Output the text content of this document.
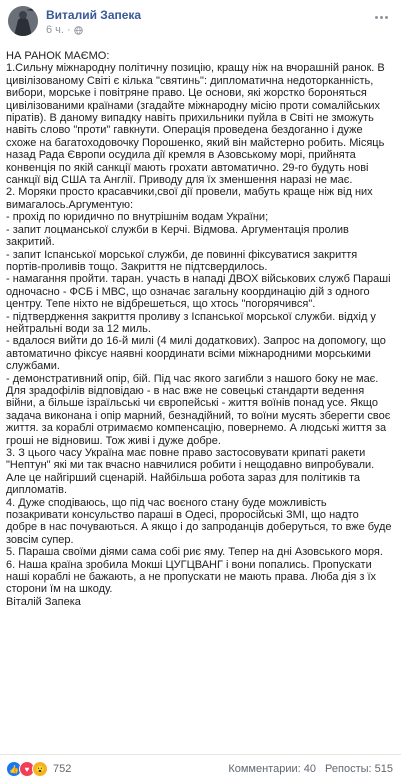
Виталий Запека
6 ч. ·

НА РАНОК МАЄМО:

1.Сильну міжнародну політичну позицію, кращу ніж на вчорашній ранок. В цивілізованому Світі є кілька "святинь": дипломатична недоторканність, вибори, морське і повітряне право. Це основи, які жорстко бороняться цивілізованими країнами (згадайте міжнародну місію проти сомалійських піратів). В даному випадку навіть прихильники пуйла в Світі не зможуть навіть слово "проти" гавкнути. Операція проведена бездоганно і дуже схоже на багатоходовочку Порошенко, який він майстерно робить. Місяць назад Рада Європи осудила дії кремля в Азовському морі, прийнята конвенція по якій санкції мають грохати автоматично. 29-го будуть нові санкції від США та Англії. Приводу для їх зменшення наразі не має.

2. Моряки просто красавчики,свої дії провели, мабуть краще ніж від них вимагалось.Аргументую:

- прохід по юридично по внутрішнім водам України;

- запит лоцманської служби в Керчі. Відмова. Аргументація пролив закритий.

- запит Іспанської морської служби, де повинні фіксуватися закриття портів-проливів тощо. Закриття не підтсвердилось.

- намагання пройти. таран. участь в нападі ДВОХ військових служб Параші одночасно - ФСБ і МВС, що означає загальну координацію дій з одного центру. Тепе ніхто не відбрешеться, що хтось "погорячився".

- підтвердження закриття проливу з Іспанської морської служби. відхід у нейтральні води за 12 миль.

- вдалося вийти до 16-й милі (4 милі додаткових). Запрос на допомогу, що автоматично фіксує наявні координати всіми міжнародними морськими службами.

- демонстративний опір, бій. Під час якого загибли з нашого боку не має. Для зрадофілів відповідаю - в нас вже не совецькі стандарти ведення війни, а більше ізраїльські чи європейські - життя воїнів понад усе. Якщо задача виконана і опір марний, безнадійний, то воїни мусять зберегти своє життя. за кораблі отримаємо компенсацію, повернемо. А людські життя за гроші не відновиш. Тож живі і дуже добре.

3. З цього часу Україна має повне право застосовувати крипаті ракети "Нептун" які ми так вчасно навчилися робити і нещодавно випробували. Але це найгірший сценарій. Найбільша робота зараз для політиків та дипломатів.

4. Дуже сподіваюсь, що під час воєного стану буде можливість позакривати консульство параші в Одесі, проросійські ЗМІ, що надто добре в нас почуваються. А якщо і до запроданців доберуться, то вже буде зовсім супер.

5. Параша своїми діями сама собі риє яму. Тепер на дні Азовського моря.

6. Наша країна зробила Мокші ЦУГЦВАНГ і вони попались. Пропускати наші кораблі не бажають, а не пропускати не мають права. Люба дія з їх сторони їм на шкоду.

Віталій Запека

👍 ♥ 😮 752	Комментарии: 40 Репосты: 515
